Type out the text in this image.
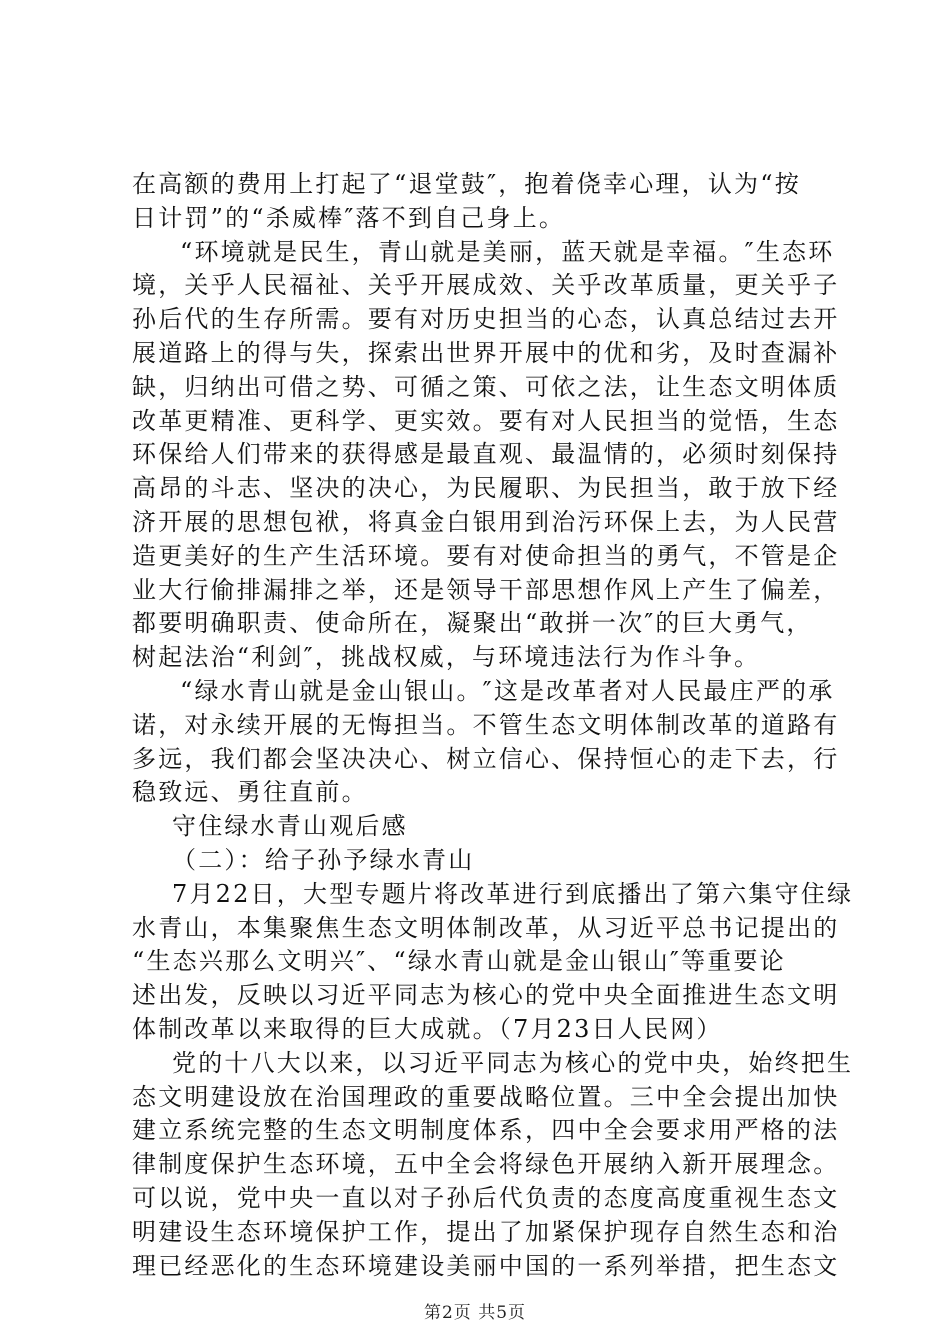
在高额的费用上打起了“退堂鼓″，抱着侥幸心理，认为“按
日计罚”的“杀威棒″落不到自己身上。
“环境就是民生，青山就是美丽，蓝天就是幸福。″生态环
境，关乎人民福祉、关乎开展成效、关乎改革质量，更关乎子
孙后代的生存所需。要有对历史担当的心态，认真总结过去开
展道路上的得与失，探索出世界开展中的优和劣，及时查漏补
缺，归纳出可借之势、可循之策、可依之法，让生态文明体质
改革更精准、更科学、更实效。要有对人民担当的觉悟，生态
环保给人们带来的获得感是最直观、最温情的，必须时刻保持
高昂的斗志、坚决的决心，为民履职、为民担当，敢于放下经
济开展的思想包袱，将真金白银用到治污环保上去，为人民营
造更美好的生产生活环境。要有对使命担当的勇气，不管是企
业大行偷排漏排之举，还是领导干部思想作风上产生了偏差，
都要明确职责、使命所在，凝聚出“敢拼一次″的巨大勇气，
树起法治“利剑″，挑战权威，与环境违法行为作斗争。
“绿水青山就是金山银山。″这是改革者对人民最庄严的承
诺，对永续开展的无悔担当。不管生态文明体制改革的道路有
多远，我们都会坚决决心、树立信心、保持恒心的走下去，行
稳致远、勇往直前。
守住绿水青山观后感
（二）：给子孙予绿水青山
7月22日，大型专题片将改革进行到底播出了第六集守住绿
水青山，本集聚焦生态文明体制改革，从习近平总书记提出的
“生态兴那么文明兴″、“绿水青山就是金山银山″等重要论
述出发，反映以习近平同志为核心的党中央全面推进生态文明
体制改革以来取得的巨大成就。（7月23日人民网）
党的十八大以来，以习近平同志为核心的党中央，始终把生
态文明建设放在治国理政的重要战略位置。三中全会提出加快
建立系统完整的生态文明制度体系，四中全会要求用严格的法
律制度保护生态环境，五中全会将绿色开展纳入新开展理念。
可以说，党中央一直以对子孙后代负责的态度高度重视生态文
明建设生态环境保护工作，提出了加紧保护现存自然生态和治
理已经恶化的生态环境建设美丽中国的一系列举措，把生态文
第2页 共5页
